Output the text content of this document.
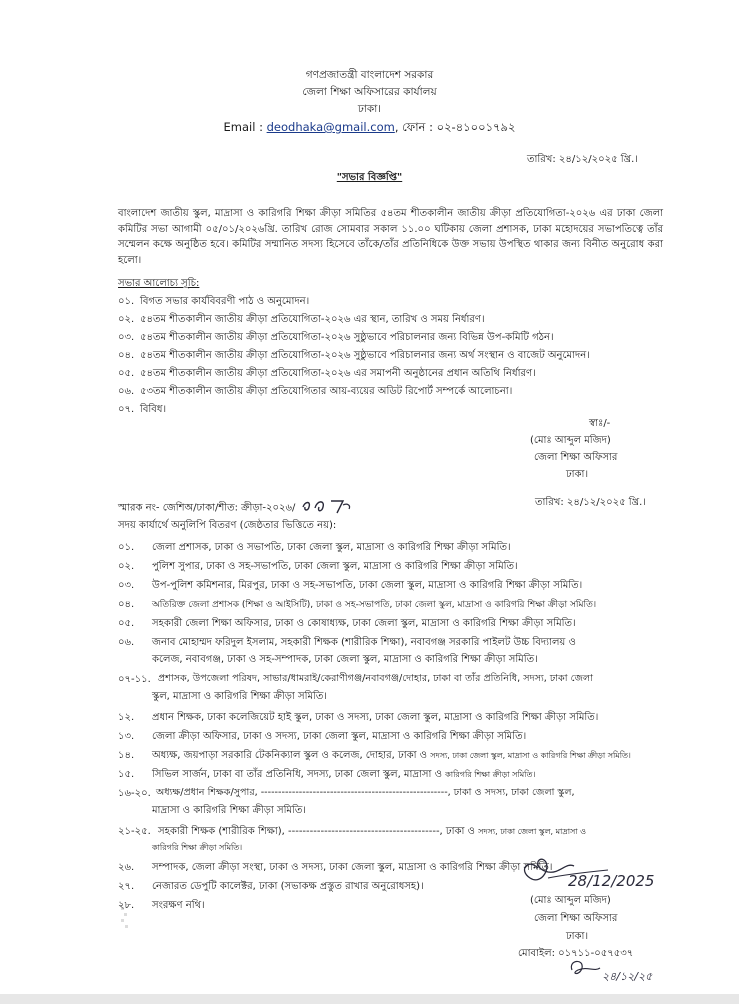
গণপ্রজাতন্ত্রী বাংলাদেশ সরকার
জেলা শিক্ষা অফিসারের কার্যালয়
ঢাকা।
Email : deodhaka@gmail.com, ফোন : ০২-৪১০০১৭৯২
তারিখ: ২৪/১২/২০২৫ খ্রি.।
"সভার বিজ্ঞপ্তি"
বাংলাদেশ জাতীয় স্কুল, মাদ্রাসা ও কারিগরি শিক্ষা ক্রীড়া সমিতির ৫৪তম শীতকালীন জাতীয় ক্রীড়া প্রতিযোগিতা-২০২৬ এর ঢাকা জেলা কমিটির সভা আগামী ০৫/০১/২০২৬খ্রি. তারিখ রোজ সোমবার সকাল ১১.০০ ঘটিকায় জেলা প্রশাসক, ঢাকা মহোদয়ের সভাপতিত্বে তাঁর সম্মেলন কক্ষে অনুষ্ঠিত হবে। কমিটির সম্মানিত সদস্য হিসেবে তাঁকে/তাঁর প্রতিনিধিকে উক্ত সভায় উপস্থিত থাকার জন্য বিনীত অনুরোধ করা হলো।
সভার আলোচ্য সূচি:
০১. বিগত সভার কার্যবিবরণী পাঠ ও অনুমোদন।
০২. ৫৪তম শীতকালীন জাতীয় ক্রীড়া প্রতিযোগিতা-২০২৬ এর স্থান, তারিখ ও সময় নির্ধারণ।
০৩. ৫৪তম শীতকালীন জাতীয় ক্রীড়া প্রতিযোগিতা-২০২৬ সুষ্ঠুভাবে পরিচালনার জন্য বিভিন্ন উপ-কমিটি গঠন।
০৪. ৫৪তম শীতকালীন জাতীয় ক্রীড়া প্রতিযোগিতা-২০২৬ সুষ্ঠুভাবে পরিচালনার জন্য অর্থ সংস্থান ও বাজেট অনুমোদন।
০৫. ৫৪তম শীতকালীন জাতীয় ক্রীড়া প্রতিযোগিতা-২০২৬ এর সমাপনী অনুষ্ঠানের প্রধান অতিথি নির্ধারণ।
০৬. ৫৩তম শীতকালীন জাতীয় ক্রীড়া প্রতিযোগিতার আয়-ব্যয়ের অডিট রিপোর্ট সম্পর্কে আলোচনা।
০৭. বিবিধ।
স্বাঃ/-
(মোঃ আব্দুল মজিদ)
জেলা শিক্ষা অফিসার
ঢাকা।
স্মারক নং- জেশিঅ/ঢাকা/শীত: ক্রীড়া-২০২৬/	তারিখ: ২৪/১২/২০২৫ খ্রি.।
সদয় কার্যার্থে অনুলিপি বিতরণ (জেষ্ঠতার ভিত্তিতে নয়):
০১. জেলা প্রশাসক, ঢাকা ও সভাপতি, ঢাকা জেলা স্কুল, মাদ্রাসা ও কারিগরি শিক্ষা ক্রীড়া সমিতি।
০২. পুলিশ সুপার, ঢাকা ও সহ-সভাপতি, ঢাকা জেলা স্কুল, মাদ্রাসা ও কারিগরি শিক্ষা ক্রীড়া সমিতি।
০৩. উপ-পুলিশ কমিশনার, মিরপুর, ঢাকা ও সহ-সভাপতি, ঢাকা জেলা স্কুল, মাদ্রাসা ও কারিগরি শিক্ষা ক্রীড়া সমিতি।
০৪. অতিরিক্ত জেলা প্রশাসক (শিক্ষা ও আইসিটি), ঢাকা ও সহ-সভাপতি, ঢাকা জেলা স্কুল, মাদ্রাসা ও কারিগরি শিক্ষা ক্রীড়া সমিতি।
০৫. সহকারী জেলা শিক্ষা অফিসার, ঢাকা ও কোষাধ্যক্ষ, ঢাকা জেলা স্কুল, মাদ্রাসা ও কারিগরি শিক্ষা ক্রীড়া সমিতি।
০৬. জনাব মোহাম্মদ ফরিদুল ইসলাম, সহকারী শিক্ষক (শারীরিক শিক্ষা), নবাবগঞ্জ সরকারি পাইলট উচ্চ বিদ্যালয় ও
কলেজ, নবাবগঞ্জ, ঢাকা ও সহ-সম্পাদক, ঢাকা জেলা স্কুল, মাদ্রাসা ও কারিগরি শিক্ষা ক্রীড়া সমিতি।
০৭-১১. প্রশাসক, উপজেলা পরিষদ, সাভার/ধামরাই/কেরাণীগঞ্জ/নবাবগঞ্জ/দোহার, ঢাকা বা তাঁর প্রতিনিধি, সদস্য, ঢাকা জেলা
স্কুল, মাদ্রাসা ও কারিগরি শিক্ষা ক্রীড়া সমিতি।
১২. প্রধান শিক্ষক, ঢাকা কলেজিয়েট হাই স্কুল, ঢাকা ও সদস্য, ঢাকা জেলা স্কুল, মাদ্রাসা ও কারিগরি শিক্ষা ক্রীড়া সমিতি।
১৩. জেলা ক্রীড়া অফিসার, ঢাকা ও সদস্য, ঢাকা জেলা স্কুল, মাদ্রাসা ও কারিগরি শিক্ষা ক্রীড়া সমিতি।
১৪. অধ্যক্ষ, জয়পাড়া সরকারি টেকনিক্যাল স্কুল ও কলেজ, দোহার, ঢাকা ও সদস্য, ঢাকা জেলা স্কুল, মাদ্রাসা ও কারিগরি শিক্ষা ক্রীড়া সমিতি।
১৫. সিভিল সার্জন, ঢাকা বা তাঁর প্রতিনিধি, সদস্য, ঢাকা জেলা স্কুল, মাদ্রাসা ও কারিগরি শিক্ষা ক্রীড়া সমিতি।
১৬-২০. অধ্যক্ষ/প্রধান শিক্ষক/সুপার, ------------------------------------------------------, ঢাকা ও সদস্য, ঢাকা জেলা স্কুল,
মাদ্রাসা ও কারিগরি শিক্ষা ক্রীড়া সমিতি।
২১-২৫. সহকারী শিক্ষক (শারীরিক শিক্ষা), ------------------------------------------, ঢাকা ও সদস্য, ঢাকা জেলা স্কুল, মাদ্রাসা ও
কারিগরি শিক্ষা ক্রীড়া সমিতি।
২৬. সম্পাদক, জেলা ক্রীড়া সংস্থা, ঢাকা ও সদস্য, ঢাকা জেলা স্কুল, মাদ্রাসা ও কারিগরি শিক্ষা ক্রীড়া সমিতি।
২৭. নেজারত ডেপুটি কালেক্টর, ঢাকা (সভাকক্ষ প্রস্তুত রাখার অনুরোধসহ)।
২৮. সংরক্ষণ নথি।
28/12/2025
(মোঃ আব্দুল মজিদ)
জেলা শিক্ষা অফিসার
ঢাকা।
মোবাইল: ০১৭১১-০৫৭৫৩৭
২৪/১২/২৫
